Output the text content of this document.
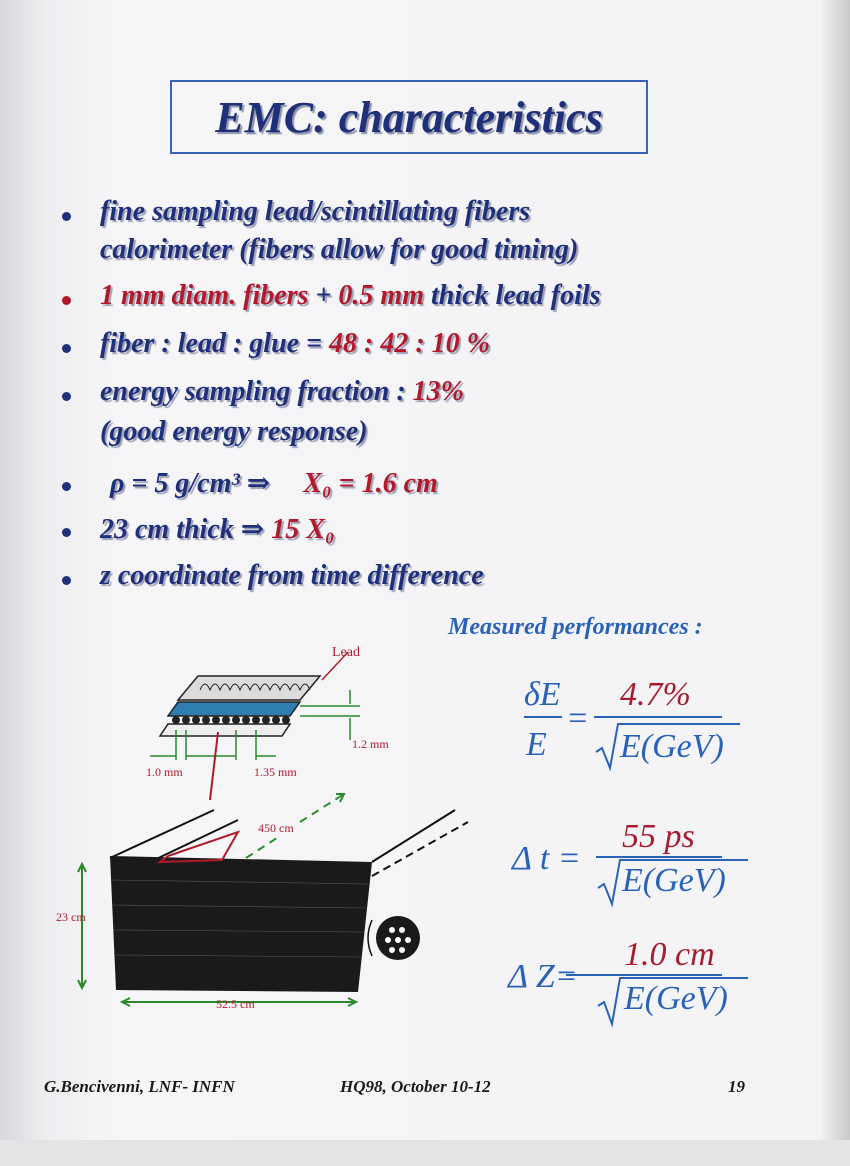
EMC: characteristics
fine sampling lead/scintillating fibers
calorimeter (fibers allow for good timing)
1 mm diam. fibers + 0.5 mm thick lead foils
fiber : lead : glue = 48 : 42 : 10 %
energy sampling fraction : 13%
(good energy response)
ρ = 5 g/cm³ ⇒ X₀ = 1.6 cm
23 cm thick ⇒ 15 X₀
z coordinate from time difference
Measured performances :
δE
E
=
4.7%
E(GeV)
Δ t =
55 ps
E(GeV)
Δ Z=
1.0 cm
E(GeV)
Lead
1.2 mm
1.0 mm	1.35 mm
450 cm
23 cm
52.5 cm
G.Bencivenni, LNF- INFN	HQ98, October 10-12	19
